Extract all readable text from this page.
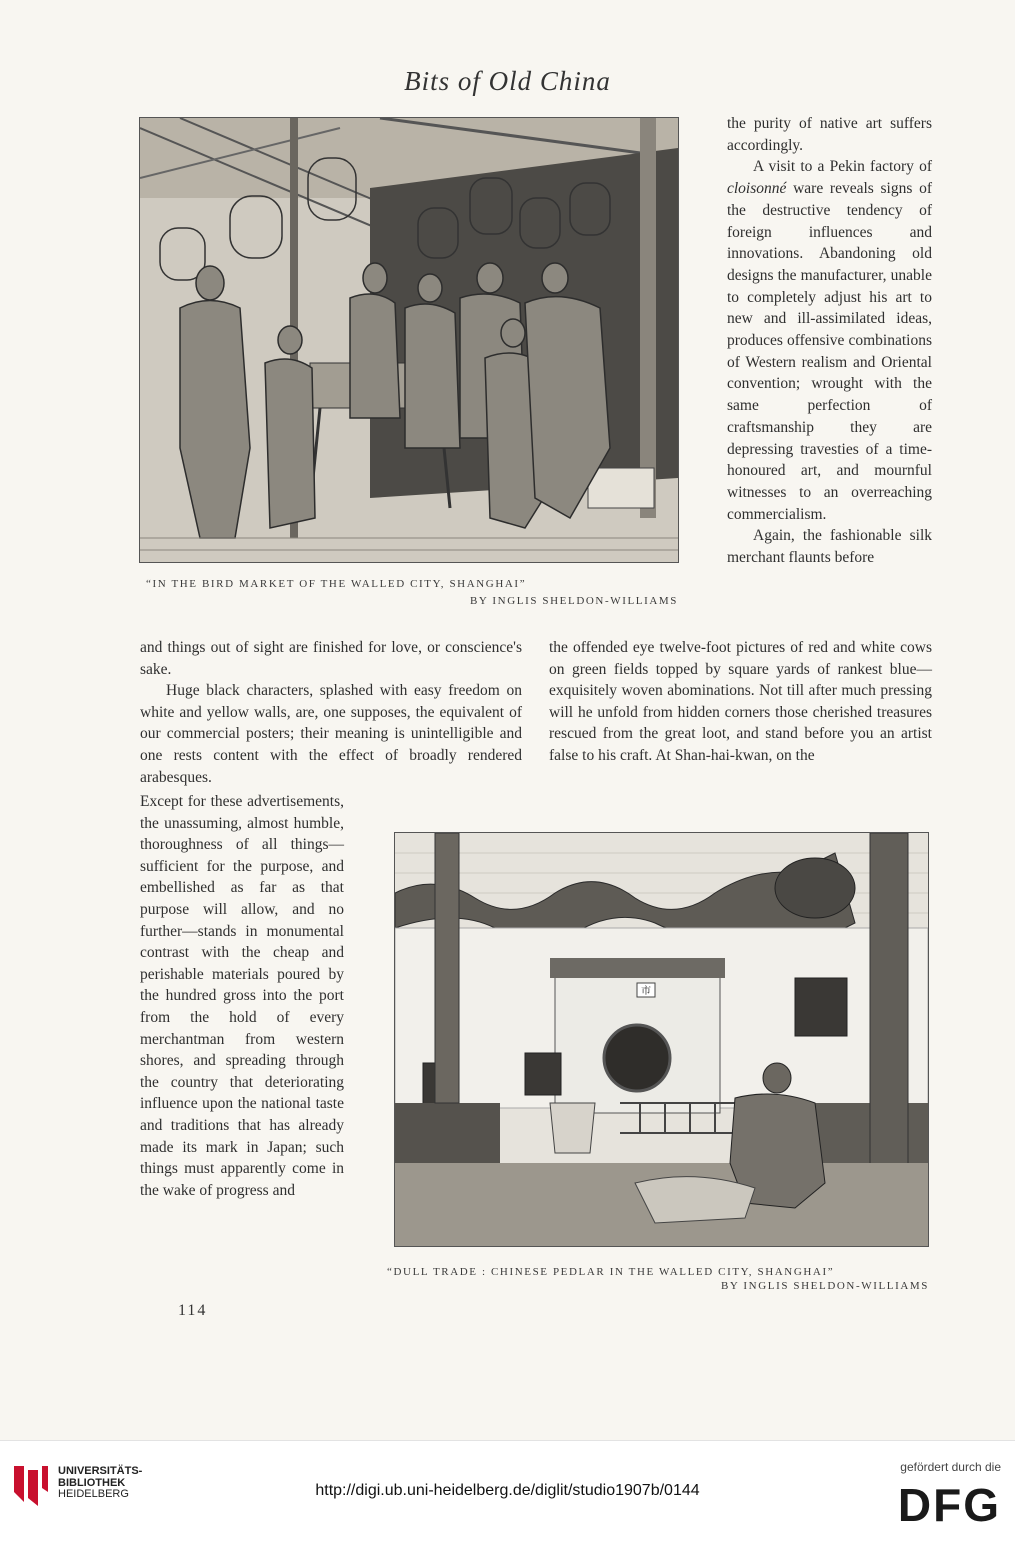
Bits of Old China
“IN THE BIRD MARKET OF THE WALLED CITY, SHANGHAI”
BY INGLIS SHELDON-WILLIAMS

the purity of native art suffers accordingly.

A visit to a Pekin factory of cloisonné ware reveals signs of the destructive tendency of foreign influences and innovations. Abandoning old designs the manufacturer, unable to completely adjust his art to new and ill-assimilated ideas, produces offensive combinations of Western realism and Oriental convention; wrought with the same perfection of craftsmanship they are depressing travesties of a time-honoured art, and mournful witnesses to an overreaching commercialism.

Again, the fashionable silk merchant flaunts before

and things out of sight are finished for love, or conscience's sake.

Huge black characters, splashed with easy freedom on white and yellow walls, are, one supposes, the equivalent of our commercial posters; their meaning is unintelligible and one rests content with the effect of broadly rendered arabesques.

the offended eye twelve-foot pictures of red and white cows on green fields topped by square yards of rankest blue—exquisitely woven abominations. Not till after much pressing will he unfold from hidden corners those cherished treasures rescued from the great loot, and stand before you an artist false to his craft. At Shan-hai-kwan, on the

Except for these advertisements, the unassuming, almost humble, thoroughness of all things—sufficient for the purpose, and embellished as far as that purpose will allow, and no further—stands in monumental contrast with the cheap and perishable materials poured by the hundred gross into the port from the hold of every merchantman from western shores, and spreading through the country that deteriorating influence upon the national taste and traditions that has already made its mark in Japan; such things must apparently come in the wake of progress and

市
“DULL TRADE : CHINESE PEDLAR IN THE WALLED CITY, SHANGHAI”
BY INGLIS SHELDON-WILLIAMS
114
UNIVERSITÄTS-
BIBLIOTHEK
HEIDELBERG	http://digi.ub.uni-heidelberg.de/diglit/studio1907b/0144
gefördert durch die
DFG
